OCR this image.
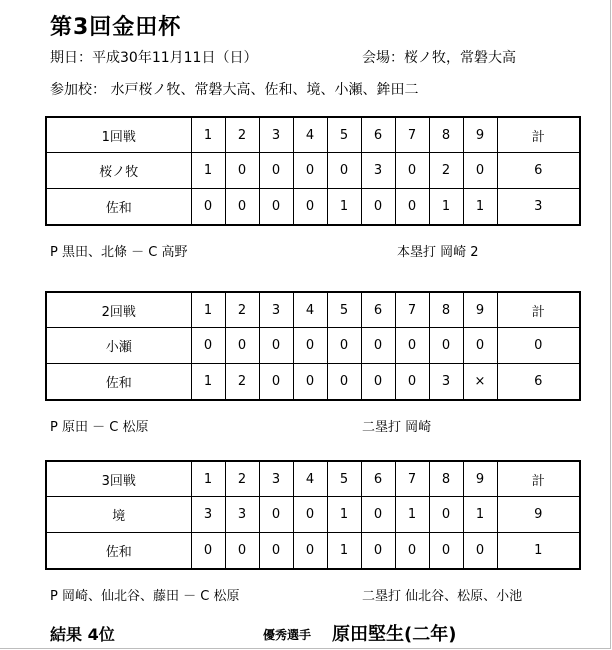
第3回金田杯
期日：平成30年11月11日（日）	会場：桜ノ牧，常磐大高
参加校： 水戸桜ノ牧、常磐大高、佐和、境、小瀬、鉾田二
1回戦	1	2	3	4	5	6	7	8	9	計
桜ノ牧	1	0	0	0	0	3	0	2	0	6
佐和	0	0	0	0	1	0	0	1	1	3
P 黒田、北條 － C 高野	本塁打 岡崎 2
2回戦	1	2	3	4	5	6	7	8	9	計
小瀬	0	0	0	0	0	0	0	0	0	0
佐和	1	2	0	0	0	0	0	3	×	6
P 原田 － C 松原	二塁打 岡崎
3回戦	1	2	3	4	5	6	7	8	9	計
境	3	3	0	0	1	0	1	0	1	9
佐和	0	0	0	0	1	0	0	0	0	1
P 岡崎、仙北谷、藤田 － C 松原	二塁打 仙北谷、松原、小池
結果 4位	優秀選手 原田堅生(二年)
